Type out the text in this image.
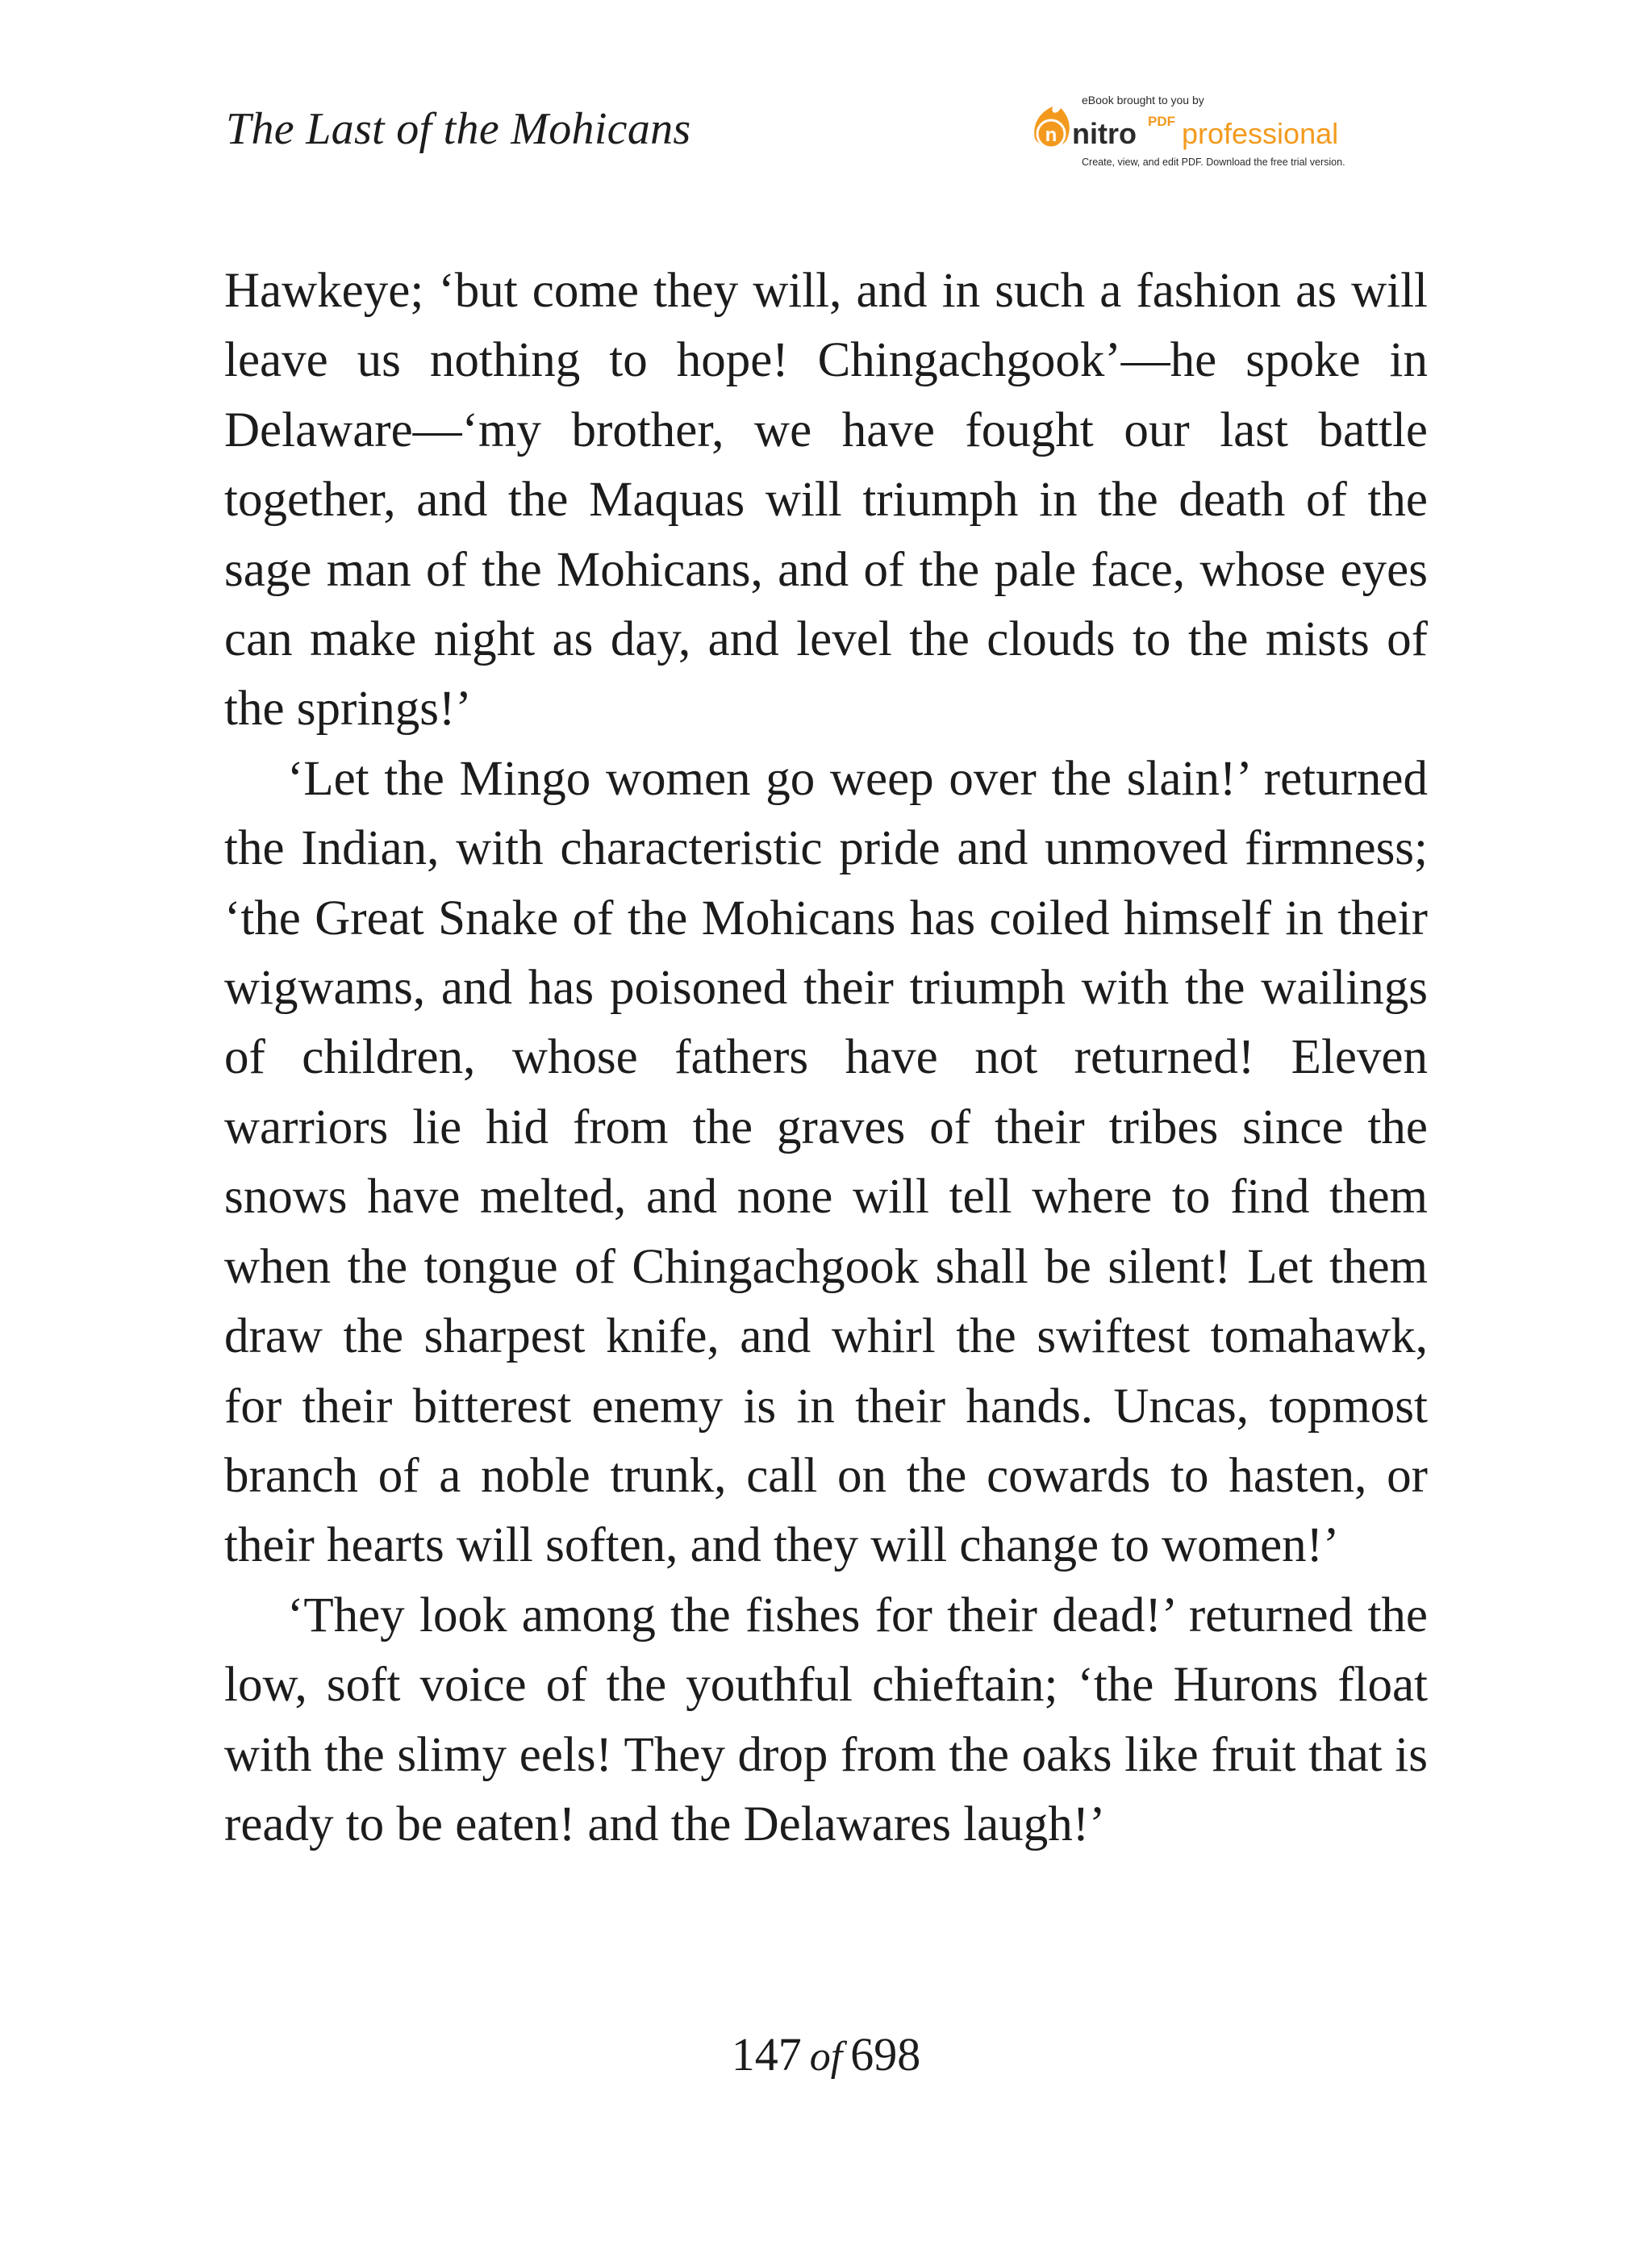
The Last of the Mohicans
eBook brought to you by
n nitro PDF professional
Create, view, and edit PDF. Download the free trial version.

Hawkeye; ‘but come they will, and in such a fashion as will leave us nothing to hope! Chingachgook’—he spoke in Delaware—‘my brother, we have fought our last battle together, and the Maquas will triumph in the death of the sage man of the Mohicans, and of the pale face, whose eyes can make night as day, and level the clouds to the mists of the springs!’

‘Let the Mingo women go weep over the slain!’ returned the Indian, with characteristic pride and unmoved firmness; ‘the Great Snake of the Mohicans has coiled himself in their wigwams, and has poisoned their triumph with the wailings of children, whose fathers have not returned! Eleven warriors lie hid from the graves of their tribes since the snows have melted, and none will tell where to find them when the tongue of Chingachgook shall be silent! Let them draw the sharpest knife, and whirl the swiftest tomahawk, for their bitterest enemy is in their hands. Uncas, topmost branch of a noble trunk, call on the cowards to hasten, or their hearts will soften, and they will change to women!’

‘They look among the fishes for their dead!’ returned the low, soft voice of the youthful chieftain; ‘the Hurons float with the slimy eels! They drop from the oaks like fruit that is ready to be eaten! and the Delawares laugh!’

147 of 698
